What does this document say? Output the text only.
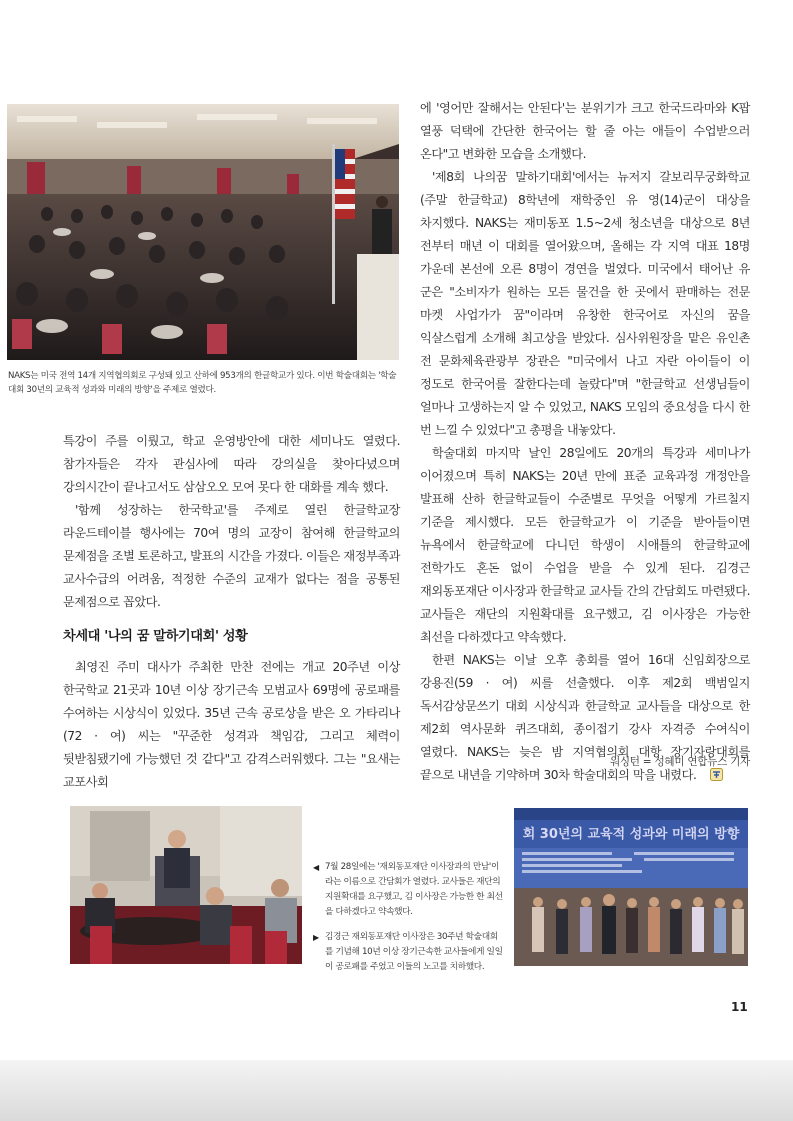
NAKS는 미국 전역 14개 지역협의회로 구성돼 있고 산하에 953개의 한글학교가 있다. 이번 학술대회는 '학술대회 30년의 교육적 성과와 미래의 방향'을 주제로 열렸다.

특강이 주를 이뤘고, 학교 운영방안에 대한 세미나도 열렸다. 참가자들은 각자 관심사에 따라 강의실을 찾아다녔으며 강의시간이 끝나고서도 삼삼오오 모여 못다 한 대화를 계속 했다.

'함께 성장하는 한국학교'를 주제로 열린 한글학교장 라운드테이블 행사에는 70여 명의 교장이 참여해 한글학교의 문제점을 조별 토론하고, 발표의 시간을 가졌다. 이들은 재정부족과 교사수급의 어려움, 적정한 수준의 교재가 없다는 점을 공통된 문제점으로 꼽았다.

차세대 '나의 꿈 말하기대회' 성황

최영진 주미 대사가 주최한 만찬 전에는 개교 20주년 이상 한국학교 21곳과 10년 이상 장기근속 모범교사 69명에 공로패를 수여하는 시상식이 있었다. 35년 근속 공로상을 받은 오 가타리나(72 · 여) 씨는 "꾸준한 성격과 책임감, 그리고 체력이 뒷받침됐기에 가능했던 것 같다"고 감격스러워했다. 그는 "요새는 교포사회

에 '영어만 잘해서는 안된다'는 분위기가 크고 한국드라마와 K팝 열풍 덕택에 간단한 한국어는 할 줄 아는 애들이 수업받으러 온다"고 변화한 모습을 소개했다.

'제8회 나의꿈 말하기대회'에서는 뉴저지 갈보리무궁화학교(주말 한글학교) 8학년에 재학중인 유 영(14)군이 대상을 차지했다. NAKS는 재미동포 1.5~2세 청소년을 대상으로 8년 전부터 매년 이 대회를 열어왔으며, 올해는 각 지역 대표 18명 가운데 본선에 오른 8명이 경연을 벌였다. 미국에서 태어난 유 군은 "소비자가 원하는 모든 물건을 한 곳에서 판매하는 전문 마켓 사업가가 꿈"이라며 유창한 한국어로 자신의 꿈을 익살스럽게 소개해 최고상을 받았다. 심사위원장을 맡은 유인촌 전 문화체육관광부 장관은 "미국에서 나고 자란 아이들이 이 정도로 한국어를 잘한다는데 놀랐다"며 "한글학교 선생님들이 얼마나 고생하는지 알 수 있었고, NAKS 모임의 중요성을 다시 한 번 느낄 수 있었다"고 총평을 내놓았다.

학술대회 마지막 날인 28일에도 20개의 특강과 세미나가 이어졌으며 특히 NAKS는 20년 만에 표준 교육과정 개정안을 발표해 산하 한글학교들이 수준별로 무엇을 어떻게 가르칠지 기준을 제시했다. 모든 한글학교가 이 기준을 받아들이면 뉴욕에서 한글학교에 다니던 학생이 시애틀의 한글학교에 전학가도 혼돈 없이 수업을 받을 수 있게 된다. 김경근 재외동포재단 이사장과 한글학교 교사들 간의 간담회도 마련됐다. 교사들은 재단의 지원확대를 요구했고, 김 이사장은 가능한 최선을 다하겠다고 약속했다.

한편 NAKS는 이날 오후 총회를 열어 16대 신임회장으로 강용진(59 · 여) 씨를 선출했다. 이후 제2회 백범일지 독서감상문쓰기 대회 시상식과 한글학교 교사들을 대상으로 한 제2회 역사문화 퀴즈대회, 종이접기 강사 자격증 수여식이 열렸다. NAKS는 늦은 밤 지역협의회 대항 장기자랑대회를 끝으로 내년을 기약하며 30차 학술대회의 막을 내렸다.

워싱턴 = 성혜미 연합뉴스 기자
◀ 7월 28일에는 '재외동포재단 이사장과의 만남'이라는 이름으로 간담회가 열렸다. 교사들은 재단의 지원확대를 요구했고, 김 이사장은 가능한 한 최선을 다하겠다고 약속했다.
▶ 김경근 재외동포재단 이사장은 30주년 학술대회를 기념해 10년 이상 장기근속한 교사들에게 일일이 공로패를 주었고 이들의 노고를 치하했다.
회 30년의 교육적 성과와 미래의 방향
11
